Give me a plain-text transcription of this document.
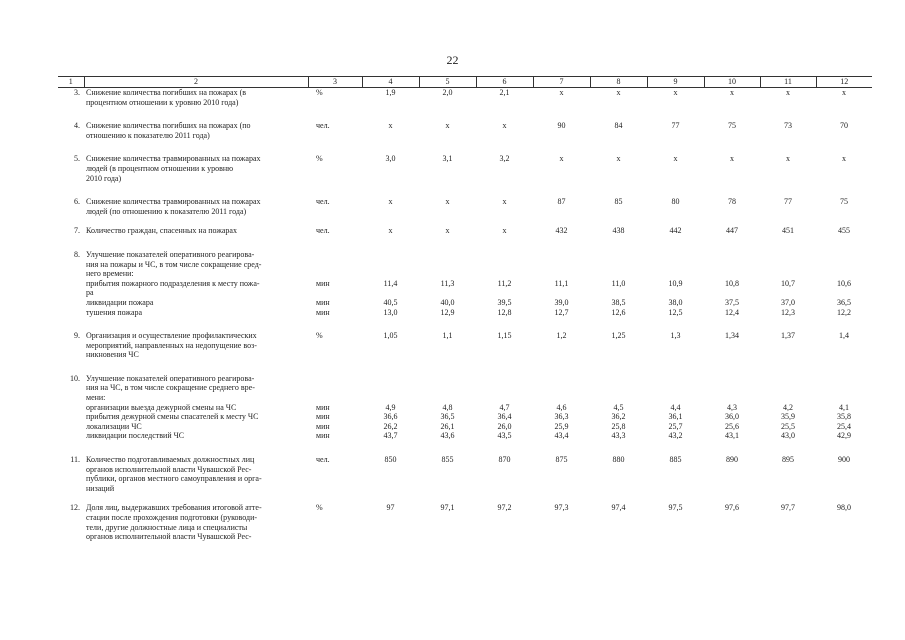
22
1	2	3	4	5	6	7	8	9	10	11	12
3.	Снижение количества погибших на пожарах (в
процентном отношении к уровню 2010 года)	%	1,9	2,0	2,1	х	х	х	х	х	х

4.	Снижение количества погибших на пожарах (по
отношению к показателю 2011 года)	чел.	х	х	х	90	84	77	75	73	70

5.	Снижение количества травмированных на пожарах
людей (в процентном отношении к уровню
2010 года)	%	3,0	3,1	3,2	х	х	х	х	х	х

6.	Снижение количества травмированных на пожарах
людей (по отношению к показателю 2011 года)	чел.	х	х	х	87	85	80	78	77	75

7.	Количество граждан, спасенных на пожарах	чел.	х	х	х	432	438	442	447	451	455

8.	Улучшение показателей оперативного реагирова-
ния на пожары и ЧС, в том числе сокращение сред-
него времени:										

	прибытия пожарного подразделения к месту пожа-
ра	мин	11,4	11,3	11,2	11,1	11,0	10,9	10,8	10,7	10,6

	ликвидации пожара	мин	40,5	40,0	39,5	39,0	38,5	38,0	37,5	37,0	36,5

	тушения пожара	мин	13,0	12,9	12,8	12,7	12,6	12,5	12,4	12,3	12,2

9.	Организация и осуществление профилактических
мероприятий, направленных на недопущение воз-
никновения ЧС	%	1,05	1,1	1,15	1,2	1,25	1,3	1,34	1,37	1,4

10.	Улучшение показателей оперативного реагирова-
ния на ЧС, в том числе сокращение среднего вре-
мени:										

	организации выезда дежурной смены на ЧС	мин	4,9	4,8	4,7	4,6	4,5	4,4	4,3	4,2	4,1

	прибытия дежурной смены спасателей к месту ЧС	мин	36,6	36,5	36,4	36,3	36,2	36,1	36,0	35,9	35,8

	локализации ЧС	мин	26,2	26,1	26,0	25,9	25,8	25,7	25,6	25,5	25,4

	ликвидации последствий ЧС	мин	43,7	43,6	43,5	43,4	43,3	43,2	43,1	43,0	42,9

11.	Количество подготавливаемых должностных лиц
органов исполнительной власти Чувашской Рес-
публики, органов местного самоуправления и орга-
низаций	чел.	850	855	870	875	880	885	890	895	900

12.	Доля лиц, выдержавших требования итоговой атте-
стации после прохождения подготовки (руководи-
тели, другие должностные лица и специалисты
органов исполнительной власти Чувашской Рес-	%	97	97,1	97,2	97,3	97,4	97,5	97,6	97,7	98,0
